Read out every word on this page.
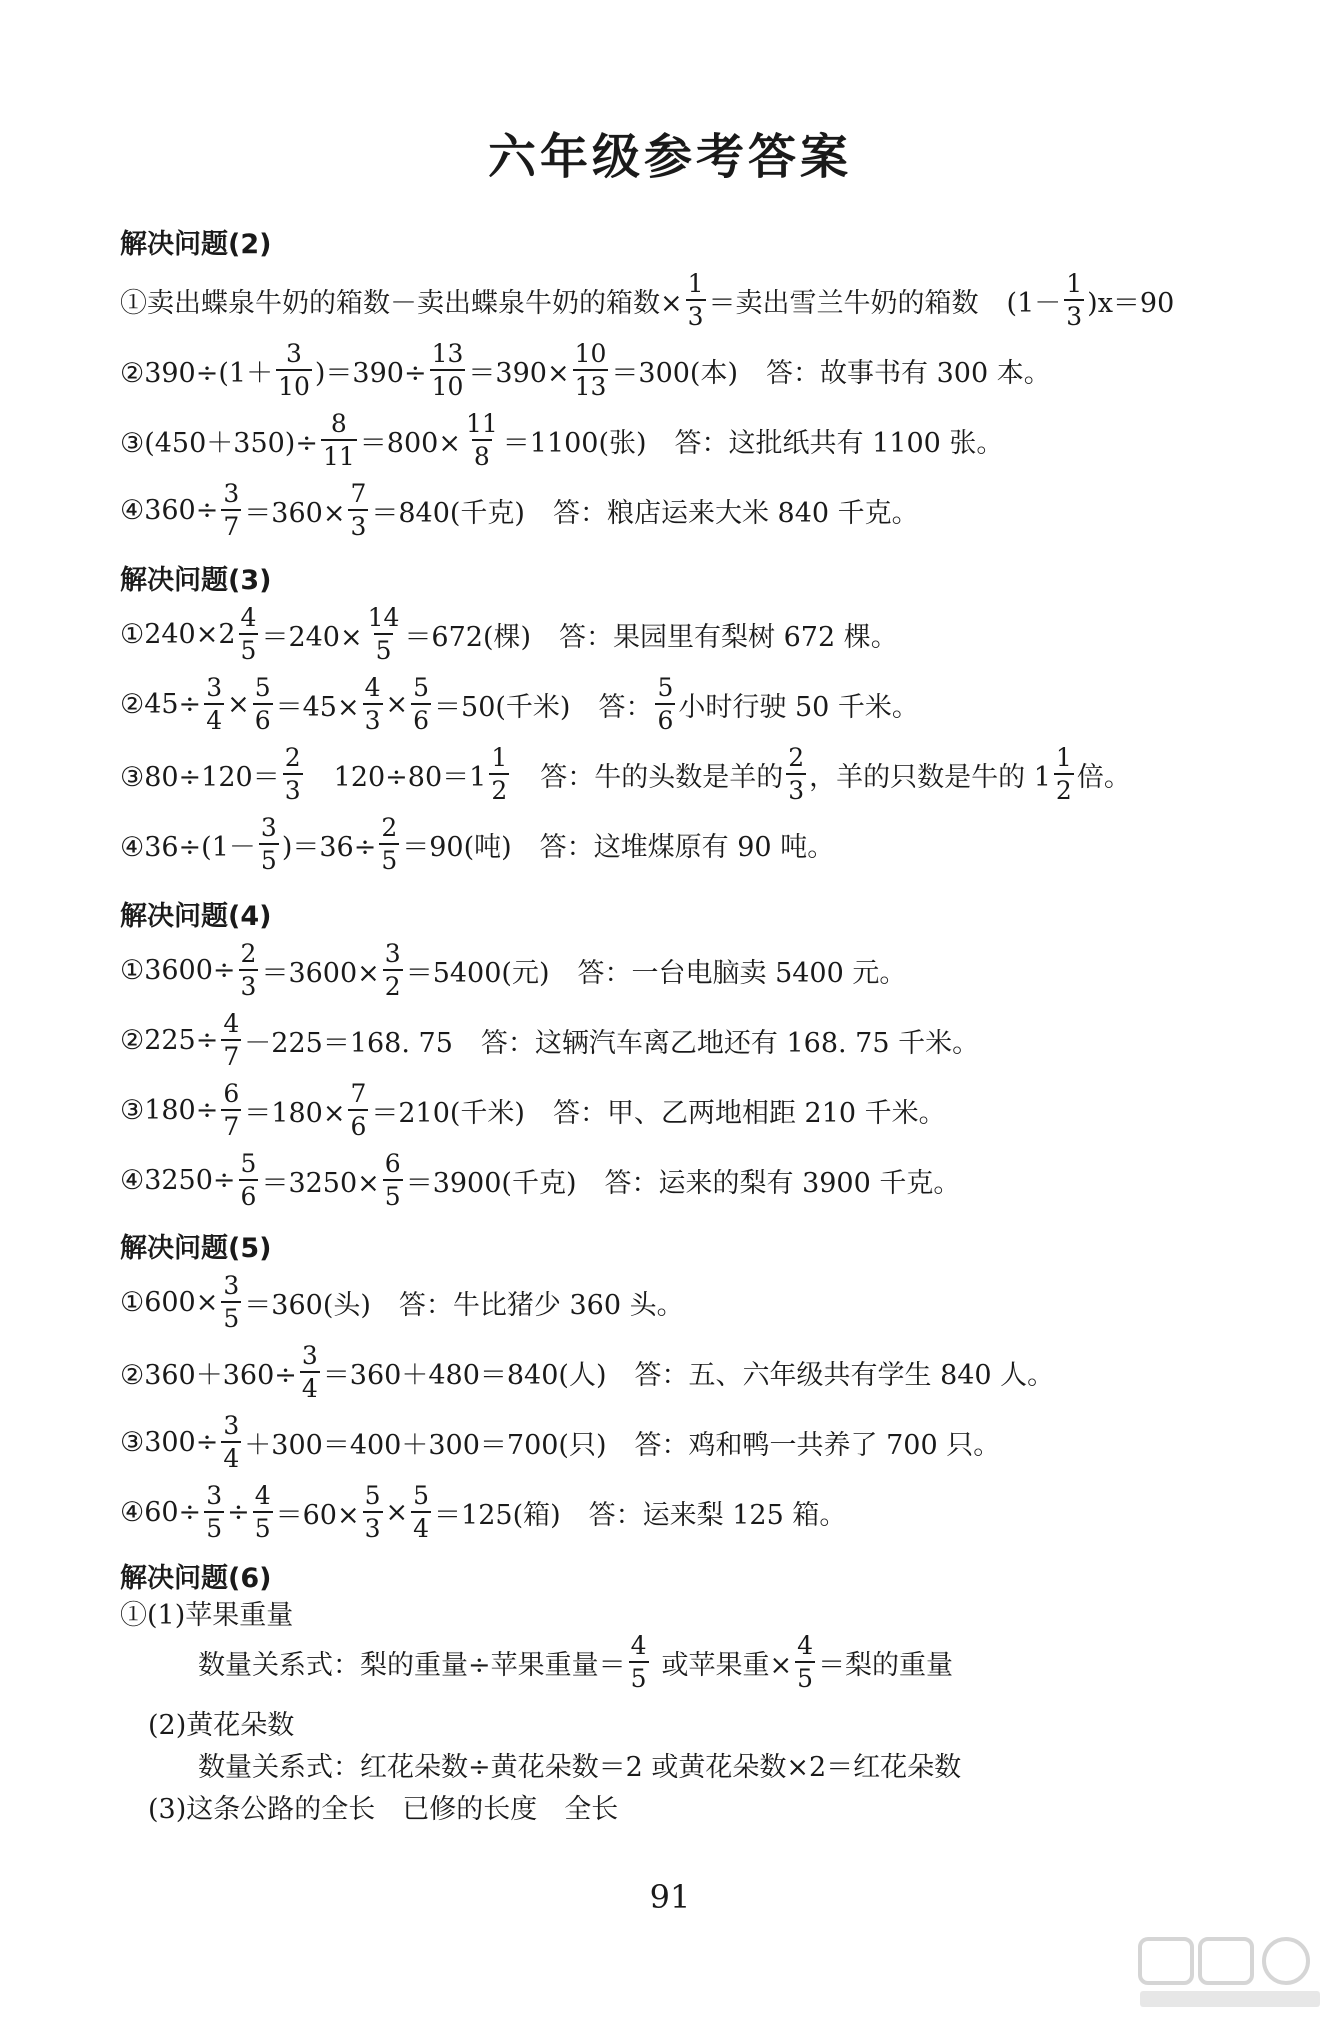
六年级参考答案
解决问题(2)
①卖出蝶泉牛奶的箱数－卖出蝶泉牛奶的箱数× $\frac{1}{3}$ ＝卖出雪兰牛奶的箱数 $(1- \frac{1}{3} )x=90$
②390÷(1＋ $\frac{3}{10} )=390\div \frac{13}{10} =390\times \frac{10}{13} =300$(本) 答：故事书有 300 本。
③(450＋350)÷ $\frac{8}{11} =800\times \frac{11}{8} =1100$(张) 答：这批纸共有 1100 张。
④360÷ $\frac{3}{7} =360\times \frac{7}{3} =840$(千克) 答：粮店运来大米 840 千克。
解决问题(3)
①240×2 $\frac{4}{5} =240\times \frac{14}{5} =672$(棵) 答：果园里有梨树 672 棵。
②45÷ $\frac{3}{4} \times \frac{5}{6} =45\times \frac{4}{3} \times \frac{5}{6} =50$(千米) 答： $\frac{5}{6}$ 小时行驶 50 千米。
③80÷120＝ $\frac{2}{3} 120\div 80=1 \frac{1}{2}$ 答：牛的头数是羊的 $\frac{2}{3}$ ，羊的只数是牛的 $1 \frac{1}{2}$ 倍。
④36÷(1－ $\frac{3}{5} )=36\div \frac{2}{5} =90$(吨) 答：这堆煤原有 90 吨。
解决问题(4)
①3600÷ $\frac{2}{3} =3600\times \frac{3}{2} =5400$(元) 答：一台电脑卖 5400 元。
②225÷ $\frac{4}{7} -225=168$. 75 答：这辆汽车离乙地还有 168. 75 千米。
③180÷ $\frac{6}{7} =180\times \frac{7}{6} =210$(千米) 答：甲、乙两地相距 210 千米。
④3250÷ $\frac{5}{6} =3250\times \frac{6}{5} =3900$(千克) 答：运来的梨有 3900 千克。
解决问题(5)
①600× $\frac{3}{5} =360$(头) 答：牛比猪少 360 头。
②360＋360÷ $\frac{3}{4} =360+480=840$(人) 答：五、六年级共有学生 840 人。
③300÷ $\frac{3}{4} +300=400+300=700$(只) 答：鸡和鸭一共养了 700 只。
④60÷ $\frac{3}{5} \div \frac{4}{5} =60\times \frac{5}{3} \times \frac{5}{4} =125$(箱) 答：运来梨 125 箱。
解决问题(6)
①(1)苹果重量
数量关系式：梨的重量÷苹果重量＝ $\frac{4}{5}$ 或苹果重× $\frac{4}{5}$ ＝梨的重量
(2)黄花朵数
数量关系式：红花朵数÷黄花朵数＝2 或黄花朵数×2＝红花朵数
(3)这条公路的全长　已修的长度　全长
91
